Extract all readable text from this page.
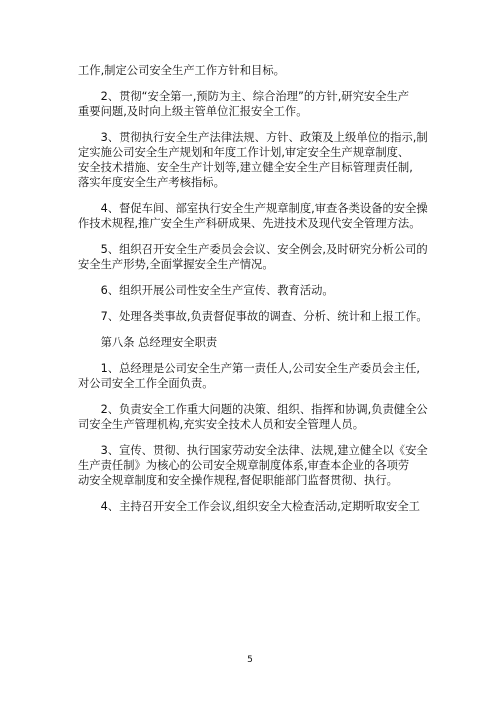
工作,制定公司安全生产工作方针和目标。
　　2、贯彻“安全第一,预防为主、综合治理”的方针,研究安全生产
重要问题,及时向上级主管单位汇报安全工作。
　　3、贯彻执行安全生产法律法规、方针、政策及上级单位的指示,制
定实施公司安全生产规划和年度工作计划,审定安全生产规章制度、
安全技术措施、安全生产计划等,建立健全安全生产目标管理责任制,
落实年度安全生产考核指标。
　　4、督促车间、部室执行安全生产规章制度,审查各类设备的安全操
作技术规程,推广安全生产科研成果、先进技术及现代安全管理方法。
　　5、组织召开安全生产委员会会议、安全例会,及时研究分析公司的
安全生产形势,全面掌握安全生产情况。
　　6、组织开展公司性安全生产宣传、教育活动。
　　7、处理各类事故,负责督促事故的调查、分析、统计和上报工作。
　　第八条 总经理安全职责
　　1、总经理是公司安全生产第一责任人,公司安全生产委员会主任,
对公司安全工作全面负责。
　　2、负责安全工作重大问题的决策、组织、指挥和协调,负责健全公
司安全生产管理机构,充实安全技术人员和安全管理人员。
　　3、宣传、贯彻、执行国家劳动安全法律、法规,建立健全以《安全
生产责任制》为核心的公司安全规章制度体系,审查本企业的各项劳
动安全规章制度和安全操作规程,督促职能部门监督贯彻、执行。
　　4、主持召开安全工作会议,组织安全大检查活动,定期听取安全工
5
